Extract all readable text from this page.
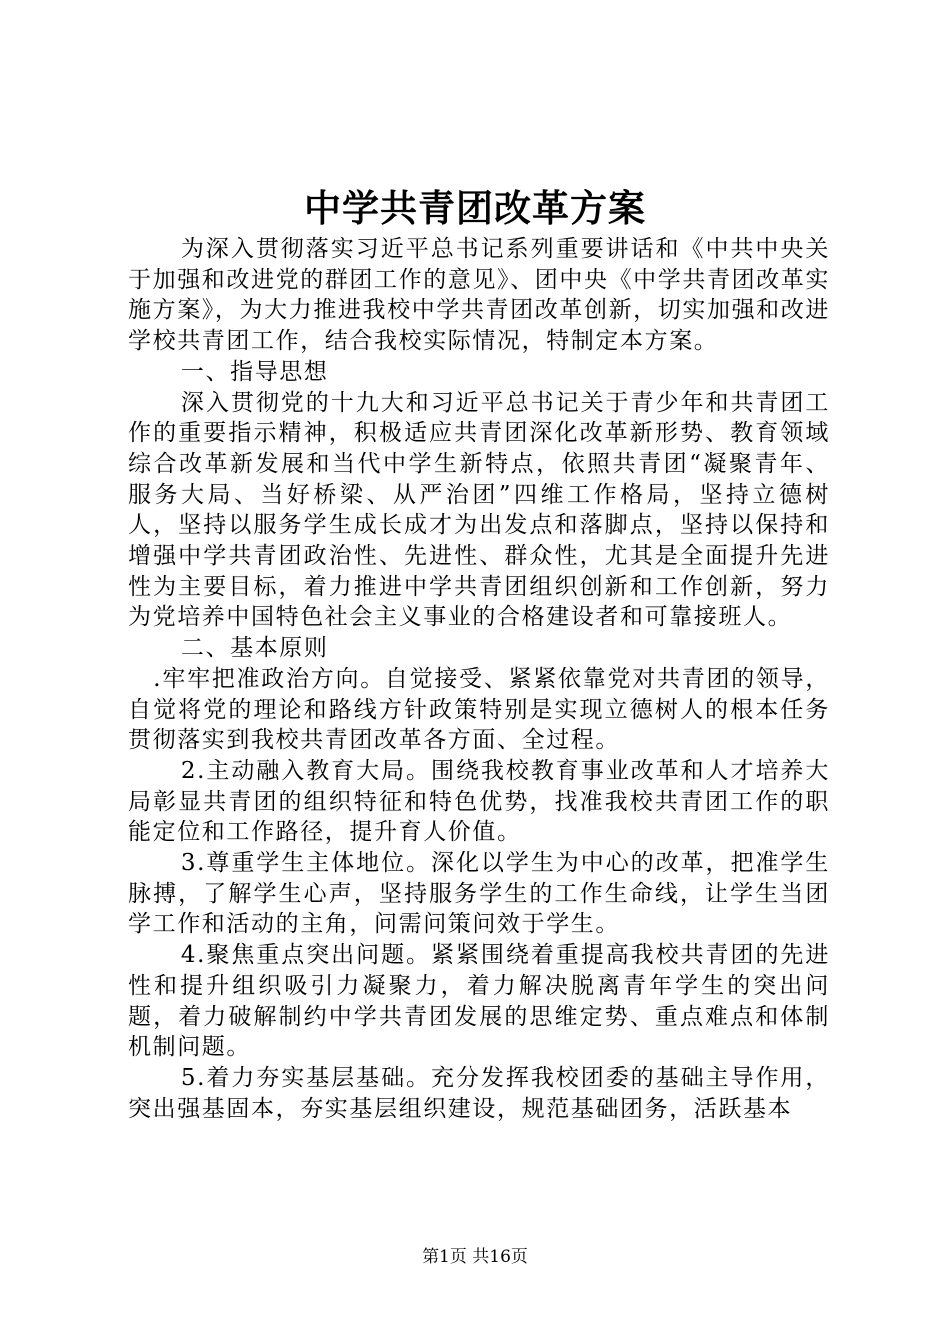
中学共青团改革方案

为深入贯彻落实习近平总书记系列重要讲话和《中共中央关于加强和改进党的群团工作的意见》、团中央《中学共青团改革实施方案》，为大力推进我校中学共青团改革创新，切实加强和改进学校共青团工作，结合我校实际情况，特制定本方案。

一、指导思想

深入贯彻党的十九大和习近平总书记关于青少年和共青团工作的重要指示精神，积极适应共青团深化改革新形势、教育领域综合改革新发展和当代中学生新特点，依照共青团“凝聚青年、服务大局、当好桥梁、从严治团”四维工作格局，坚持立德树人，坚持以服务学生成长成才为出发点和落脚点，坚持以保持和增强中学共青团政治性、先进性、群众性，尤其是全面提升先进性为主要目标，着力推进中学共青团组织创新和工作创新，努力为党培养中国特色社会主义事业的合格建设者和可靠接班人。

二、基本原则

.牢牢把准政治方向。自觉接受、紧紧依靠党对共青团的领导，自觉将党的理论和路线方针政策特别是实现立德树人的根本任务贯彻落实到我校共青团改革各方面、全过程。

2.主动融入教育大局。围绕我校教育事业改革和人才培养大局彰显共青团的组织特征和特色优势，找准我校共青团工作的职能定位和工作路径，提升育人价值。

3.尊重学生主体地位。深化以学生为中心的改革，把准学生脉搏，了解学生心声，坚持服务学生的工作生命线，让学生当团学工作和活动的主角，问需问策问效于学生。

4.聚焦重点突出问题。紧紧围绕着重提高我校共青团的先进性和提升组织吸引力凝聚力，着力解决脱离青年学生的突出问题，着力破解制约中学共青团发展的思维定势、重点难点和体制机制问题。

5.着力夯实基层基础。充分发挥我校团委的基础主导作用，突出强基固本，夯实基层组织建设，规范基础团务，活跃基本

第1页 共16页
